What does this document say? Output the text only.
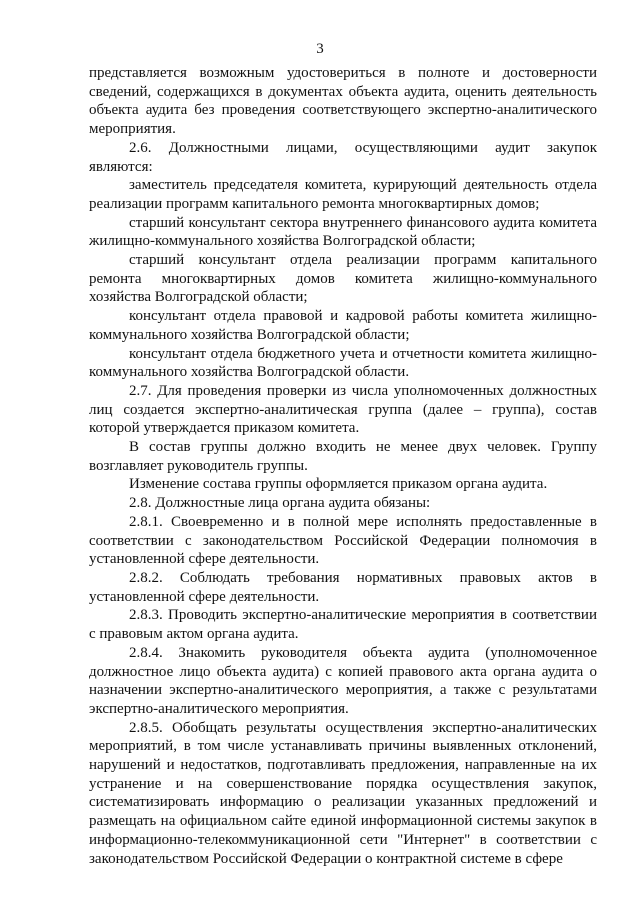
3

представляется возможным удостовериться в полноте и достоверности сведений, содержащихся в документах объекта аудита, оценить деятельность объекта аудита без проведения соответствующего экспертно-аналитического мероприятия.

2.6. Должностными лицами, осуществляющими аудит закупок являются:

заместитель председателя комитета, курирующий деятельность отдела реализации программ капитального ремонта многоквартирных домов;

старший консультант сектора внутреннего финансового аудита комитета жилищно-коммунального хозяйства Волгоградской области;

старший консультант отдела реализации программ капитального ремонта многоквартирных домов комитета жилищно-коммунального хозяйства Волгоградской области;

консультант отдела правовой и кадровой работы комитета жилищно-коммунального хозяйства Волгоградской области;

консультант отдела бюджетного учета и отчетности комитета жилищно-коммунального хозяйства Волгоградской области.

2.7. Для проведения проверки из числа уполномоченных должностных лиц создается экспертно-аналитическая группа (далее – группа), состав которой утверждается приказом комитета.

В состав группы должно входить не менее двух человек. Группу возглавляет руководитель группы.

Изменение состава группы оформляется приказом органа аудита.

2.8. Должностные лица органа аудита обязаны:

2.8.1. Своевременно и в полной мере исполнять предоставленные в соответствии с законодательством Российской Федерации полномочия в установленной сфере деятельности.

2.8.2. Соблюдать требования нормативных правовых актов в установленной сфере деятельности.

2.8.3. Проводить экспертно-аналитические мероприятия в соответствии с правовым актом органа аудита.

2.8.4. Знакомить руководителя объекта аудита (уполномоченное должностное лицо объекта аудита) с копией правового акта органа аудита о назначении экспертно-аналитического мероприятия, а также с результатами экспертно-аналитического мероприятия.

2.8.5. Обобщать результаты осуществления экспертно-аналитических мероприятий, в том числе устанавливать причины выявленных отклонений, нарушений и недостатков, подготавливать предложения, направленные на их устранение и на совершенствование порядка осуществления закупок, систематизировать информацию о реализации указанных предложений и размещать на официальном сайте единой информационной системы закупок в информационно-телекоммуникационной сети "Интернет" в соответствии с законодательством Российской Федерации о контрактной системе в сфере
